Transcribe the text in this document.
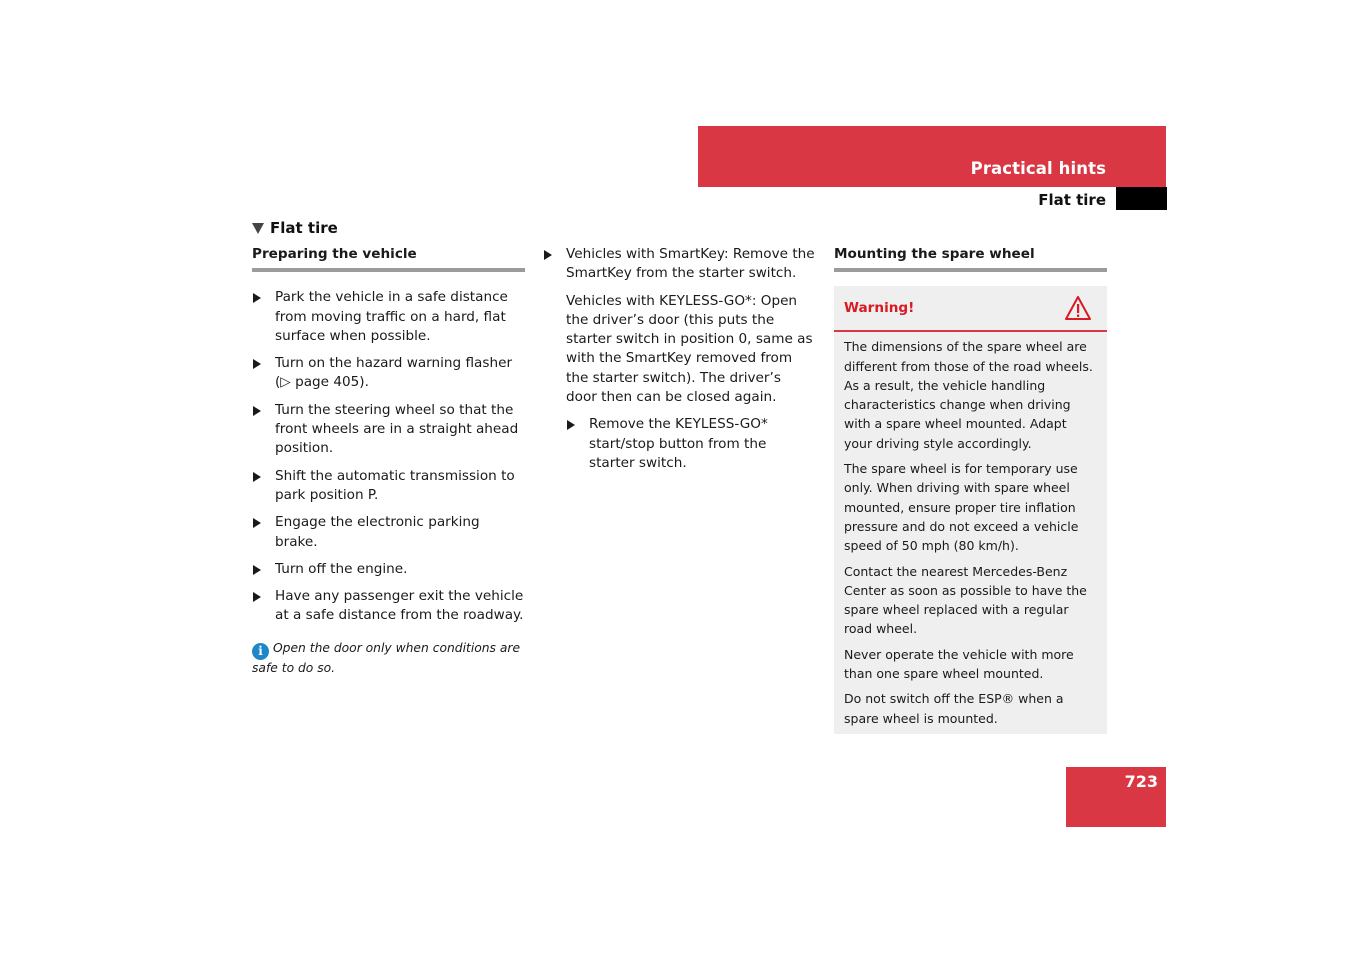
Practical hints
Flat tire
Flat tire
Preparing the vehicle
Park the vehicle in a safe distance from moving traffic on a hard, flat surface when possible.
Turn on the hazard warning flasher (▷ page 405).
Turn the steering wheel so that the front wheels are in a straight ahead position.
Shift the automatic transmission to park position P.
Engage the electronic parking brake.
Turn off the engine.
Have any passenger exit the vehicle at a safe distance from the roadway.
i Open the door only when conditions are safe to do so.
Vehicles with SmartKey: Remove the SmartKey from the starter switch.
Vehicles with KEYLESS-GO*: Open the driver’s door (this puts the starter switch in position 0, same as with the SmartKey removed from the starter switch). The driver’s door then can be closed again.
Remove the KEYLESS-GO* start/stop button from the starter switch.
Mounting the spare wheel
Warning!

The dimensions of the spare wheel are different from those of the road wheels. As a result, the vehicle handling characteristics change when driving with a spare wheel mounted. Adapt your driving style accordingly.

The spare wheel is for temporary use only. When driving with spare wheel mounted, ensure proper tire inflation pressure and do not exceed a vehicle speed of 50 mph (80 km/h).

Contact the nearest Mercedes-Benz Center as soon as possible to have the spare wheel replaced with a regular road wheel.

Never operate the vehicle with more than one spare wheel mounted.

Do not switch off the ESP® when a spare wheel is mounted.

723
